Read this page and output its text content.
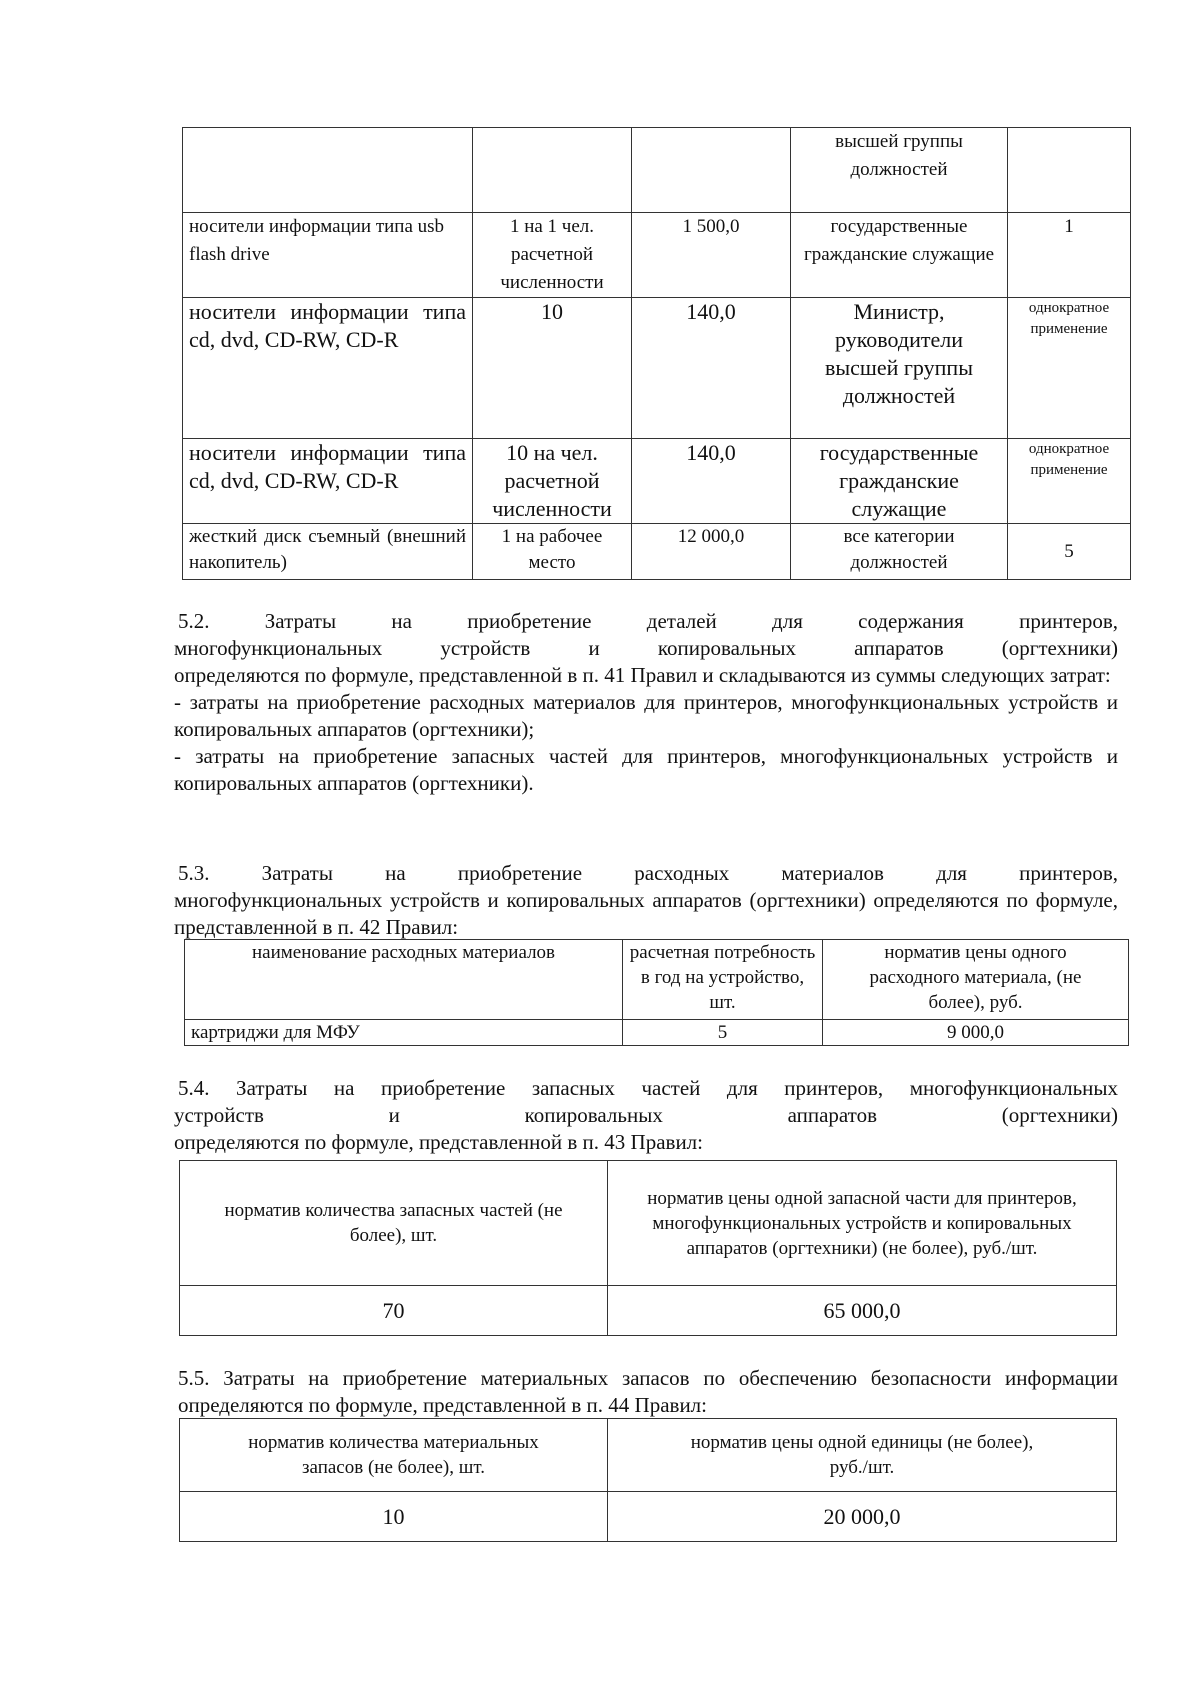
			высшей группы должностей	
носители информации типа usb flash drive	1 на 1 чел. расчетной численности	1 500,0	государственные гражданские служащие	1
носители информации типа cd, dvd, CD-RW, CD-R	10	140,0	Министр, руководители высшей группы должностей	однократное применение
носители информации типа cd, dvd, CD-RW, CD-R	10 на чел. расчетной численности	140,0	государственные гражданские служащие	однократное применение
жесткий диск съемный (внешний накопитель)	1 на рабочее место	12 000,0	все категории должностей	5

5.2. Затраты на приобретение деталей для содержания принтеров,

многофункциональных устройств и копировальных аппаратов (оргтехники)

определяются по формуле, представленной в п. 41 Правил и складываются из суммы следующих затрат:

- затраты на приобретение расходных материалов для принтеров, многофункциональных устройств и копировальных аппаратов (оргтехники);

- затраты на приобретение запасных частей для принтеров, многофункциональных устройств и копировальных аппаратов (оргтехники).

5.3. Затраты на приобретение расходных материалов для принтеров,

многофункциональных устройств и копировальных аппаратов (оргтехники) определяются по формуле, представленной в п. 42 Правил:

наименование расходных материалов	расчетная потребность в год на устройство, шт.	норматив цены одного расходного материала, (не более), руб.
картриджи для МФУ	5	9 000,0

5.4. Затраты на приобретение запасных частей для принтеров, многофункциональных

устройств и копировальных аппаратов (оргтехники)

определяются по формуле, представленной в п. 43 Правил:

норматив количества запасных частей (не более), шт.	норматив цены одной запасной части для принтеров, многофункциональных устройств и копировальных аппаратов (оргтехники) (не более), руб./шт.
70	65 000,0

5.5. Затраты на приобретение материальных запасов по обеспечению безопасности информации определяются по формуле, представленной в п. 44 Правил:

норматив количества материальных запасов (не более), шт.	норматив цены одной единицы (не более), руб./шт.
10	20 000,0
